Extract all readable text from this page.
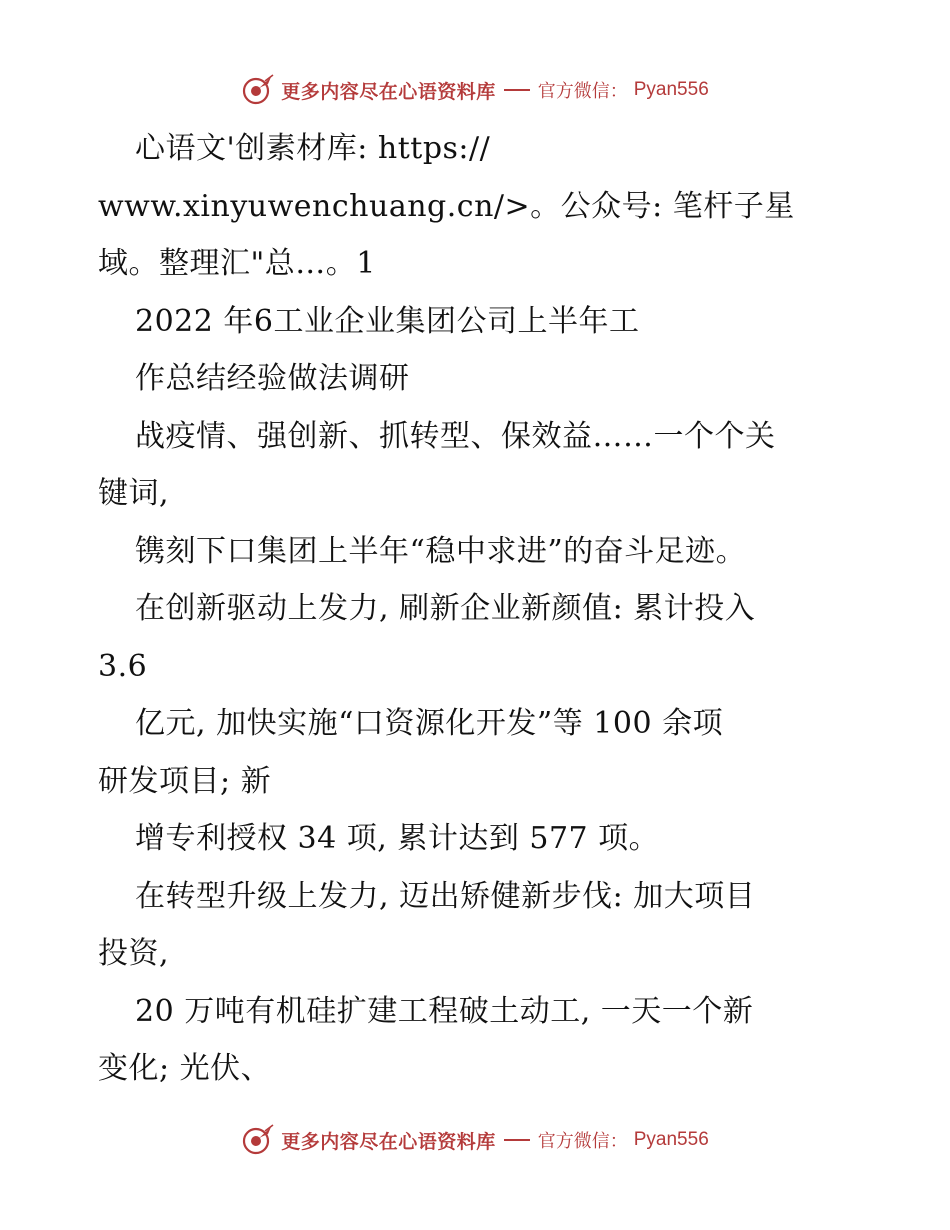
更多内容尽在心语资料库 官方微信： Pyan556
心语文'创素材库: https://
www.xinyuwenchuang.cn/>。公众号: 笔杆子星
域。整理汇"总…。1
2022 年6工业企业集团公司上半年工
作总结经验做法调研
战疫情、强创新、抓转型、保效益……一个个关
键词,
镌刻下口集团上半年“稳中求进”的奋斗足迹。
在创新驱动上发力, 刷新企业新颜值: 累计投入
3.6
亿元, 加快实施“口资源化开发”等 100 余项
研发项目; 新
增专利授权 34 项, 累计达到 577 项。
在转型升级上发力, 迈出矫健新步伐: 加大项目
投资,
20 万吨有机硅扩建工程破土动工, 一天一个新
变化; 光伏、
更多内容尽在心语资料库 官方微信： Pyan556
